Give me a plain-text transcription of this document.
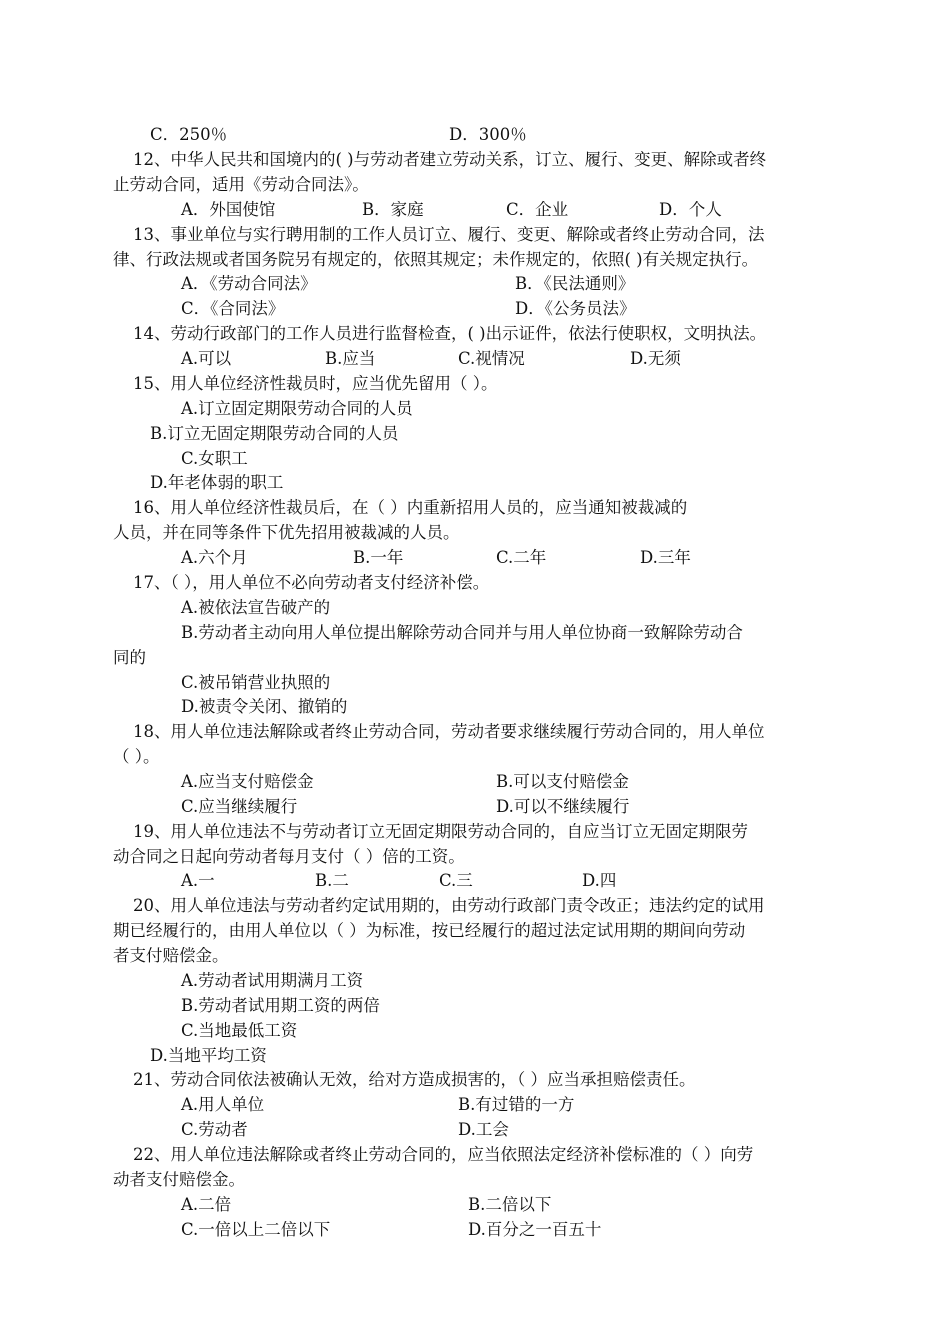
C．250％	D．300％
12、中华人民共和国境内的( )与劳动者建立劳动关系，订立、履行、变更、解除或者终
止劳动合同，适用《劳动合同法》。
A．外国使馆	B．家庭	C．企业	D．个人
13、事业单位与实行聘用制的工作人员订立、履行、变更、解除或者终止劳动合同，法
律、行政法规或者国务院另有规定的，依照其规定；未作规定的，依照( )有关规定执行。
A．《劳动合同法》	B．《民法通则》
C．《合同法》	D．《公务员法》
14、劳动行政部门的工作人员进行监督检查，( )出示证件，依法行使职权，文明执法。
A.可以	B.应当	C.视情况	D.无须
15、用人单位经济性裁员时，应当优先留用（ ）。
A.订立固定期限劳动合同的人员
B.订立无固定期限劳动合同的人员
C.女职工
D.年老体弱的职工
16、用人单位经济性裁员后，在（ ）内重新招用人员的，应当通知被裁减的
人员，并在同等条件下优先招用被裁减的人员。
A.六个月	B.一年	C.二年	D.三年
17、（ ），用人单位不必向劳动者支付经济补偿。
A.被依法宣告破产的
B.劳动者主动向用人单位提出解除劳动合同并与用人单位协商一致解除劳动合
同的
C.被吊销营业执照的
D.被责令关闭、撤销的
18、用人单位违法解除或者终止劳动合同，劳动者要求继续履行劳动合同的，用人单位
（ ）。
A.应当支付赔偿金	B.可以支付赔偿金
C.应当继续履行	D.可以不继续履行
19、用人单位违法不与劳动者订立无固定期限劳动合同的，自应当订立无固定期限劳
动合同之日起向劳动者每月支付（ ）倍的工资。
A.一	B.二	C.三	D.四
20、用人单位违法与劳动者约定试用期的，由劳动行政部门责令改正；违法约定的试用
期已经履行的，由用人单位以（ ）为标准，按已经履行的超过法定试用期的期间向劳动
者支付赔偿金。
A.劳动者试用期满月工资
B.劳动者试用期工资的两倍
C.当地最低工资
D.当地平均工资
21、劳动合同依法被确认无效，给对方造成损害的，（ ）应当承担赔偿责任。
A.用人单位	B.有过错的一方
C.劳动者	D.工会
22、用人单位违法解除或者终止劳动合同的，应当依照法定经济补偿标准的（ ）向劳
动者支付赔偿金。
A.二倍	B.二倍以下
C.一倍以上二倍以下	D.百分之一百五十
